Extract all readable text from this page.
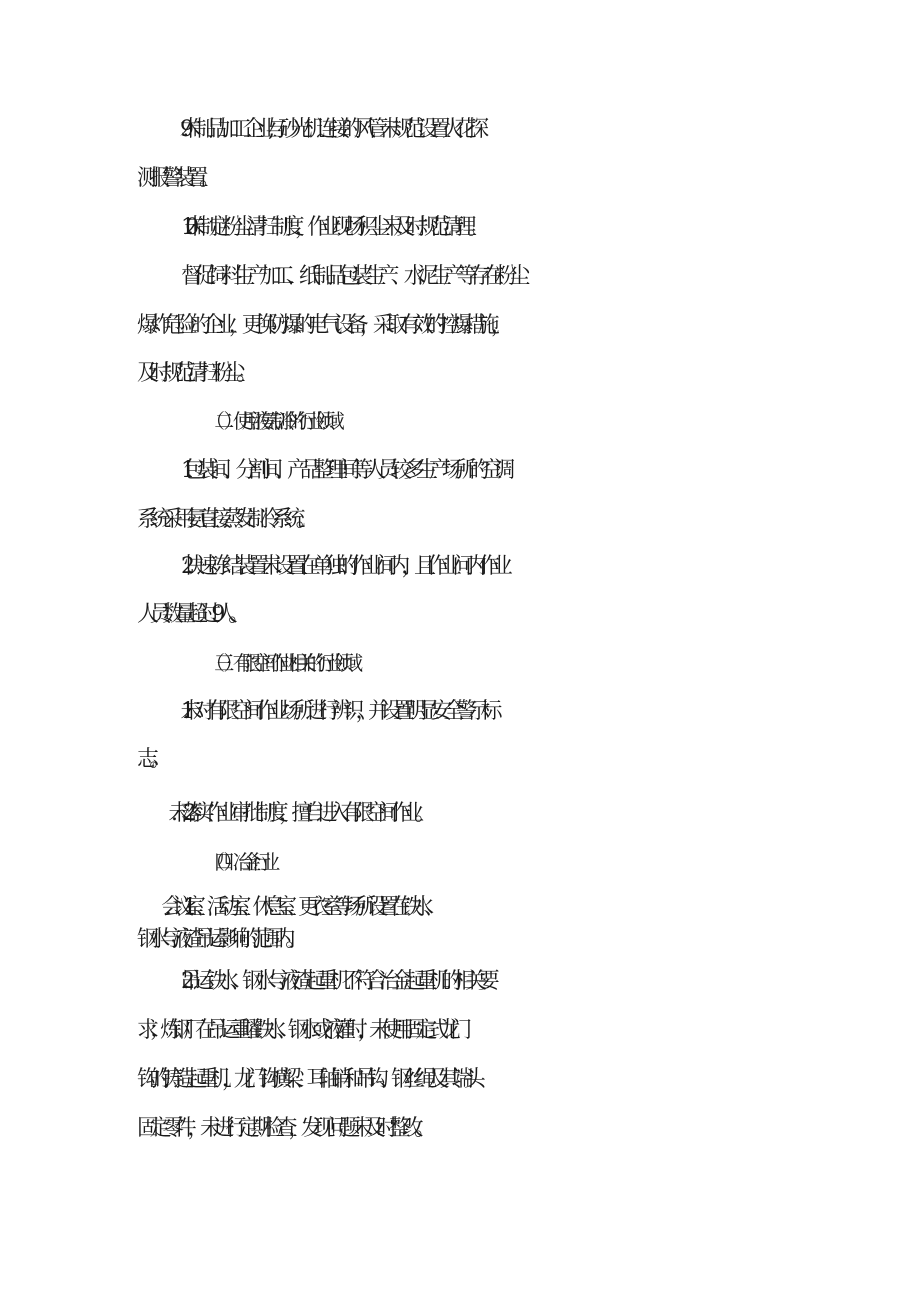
9 .木制品加工企业,与砂光机连接的风管未规范设置火花探
测报警装置。
10 .未制定粉尘清扫制度，作业现场积尘未及时规范清理。
督促饲料生产加工、纸制品包装生产、水泥生产等存在粉尘
爆炸危险的企业，更换防爆的电气设备，采取有效的控爆措施，
及时规范清扫粉尘。
（二）使用液氨制冷的行业领域
1.包装间、分割间、产品整理间等人员较多生产场所的空调
系统采用氨直接蒸发制冷系统。
2.快速冻结装置未设置在单独的作业间内，且作业问内作业
人员数量超过9人。
（三）有限空间作业相关的行业领域
1 .未对有限空间作业场所进行辨识，并设置明显安全警示标
志。
2      .未落实作业审批制度，擅自进入有限空间作业。
（四）冶金行业
1      .会议室、活动室、休息室、更衣室等场所设置在铁水、
钢水与液渣吊运影响的范围内。
2 .吊运铁水、钢水与液渣起重机不符合冶金起重机的相关要
求；炼钢厂在吊运重曜铁水、钢水或液灌时，未使用固定式龙门
钩的铸造起重机，龙门钩横梁、耳轴销和吊钩、钢丝绳及其端头
固定零件，未进行定期检查，发现问题未及时整改。
